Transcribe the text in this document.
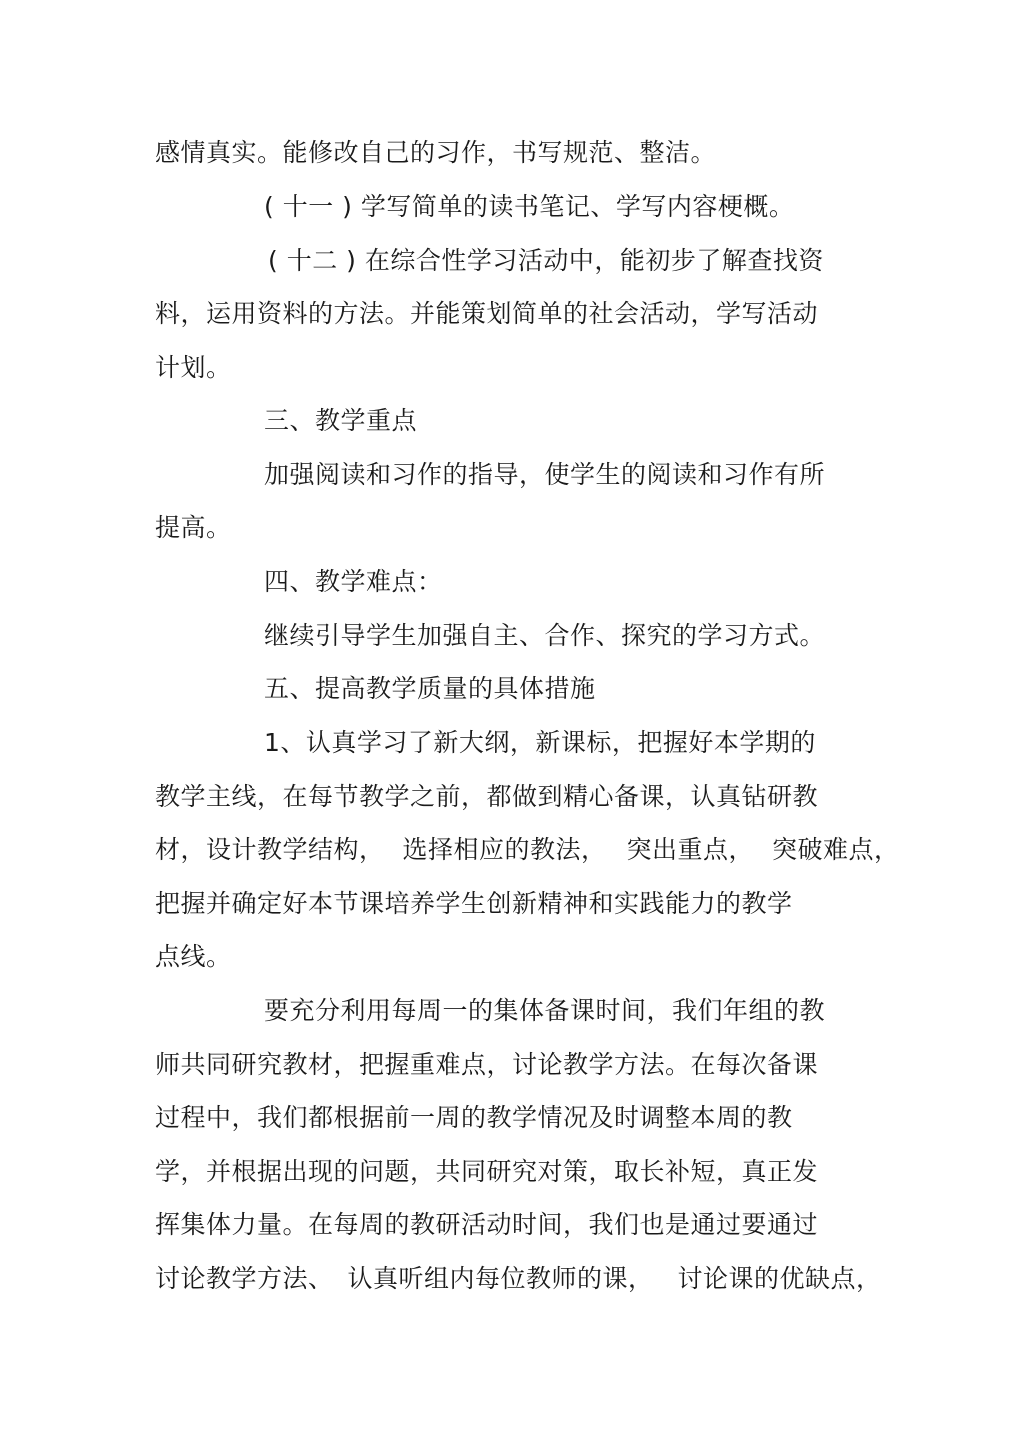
感情真实。能修改自己的习作，书写规范、整洁。
( 十一 ) 学写简单的读书笔记、学写内容梗概。
( 十二 ) 在综合性学习活动中，能初步了解查找资
料，运用资料的方法。并能策划简单的社会活动，学写活动
计划。
三、教学重点
加强阅读和习作的指导，使学生的阅读和习作有所
提高。
四、教学难点：
继续引导学生加强自主、合作、探究的学习方式。
五、提高教学质量的具体措施
1、认真学习了新大纲，新课标，把握好本学期的
教学主线，在每节教学之前，都做到精心备课，认真钻研教
材，设计教学结构， 选择相应的教法， 突出重点， 突破难点，
把握并确定好本节课培养学生创新精神和实践能力的教学
点线。
要充分利用每周一的集体备课时间，我们年组的教
师共同研究教材，把握重难点，讨论教学方法。在每次备课
过程中，我们都根据前一周的教学情况及时调整本周的教
学，并根据出现的问题，共同研究对策，取长补短，真正发
挥集体力量。在每周的教研活动时间，我们也是通过要通过
讨论教学方法、 认真听组内每位教师的课， 讨论课的优缺点，
